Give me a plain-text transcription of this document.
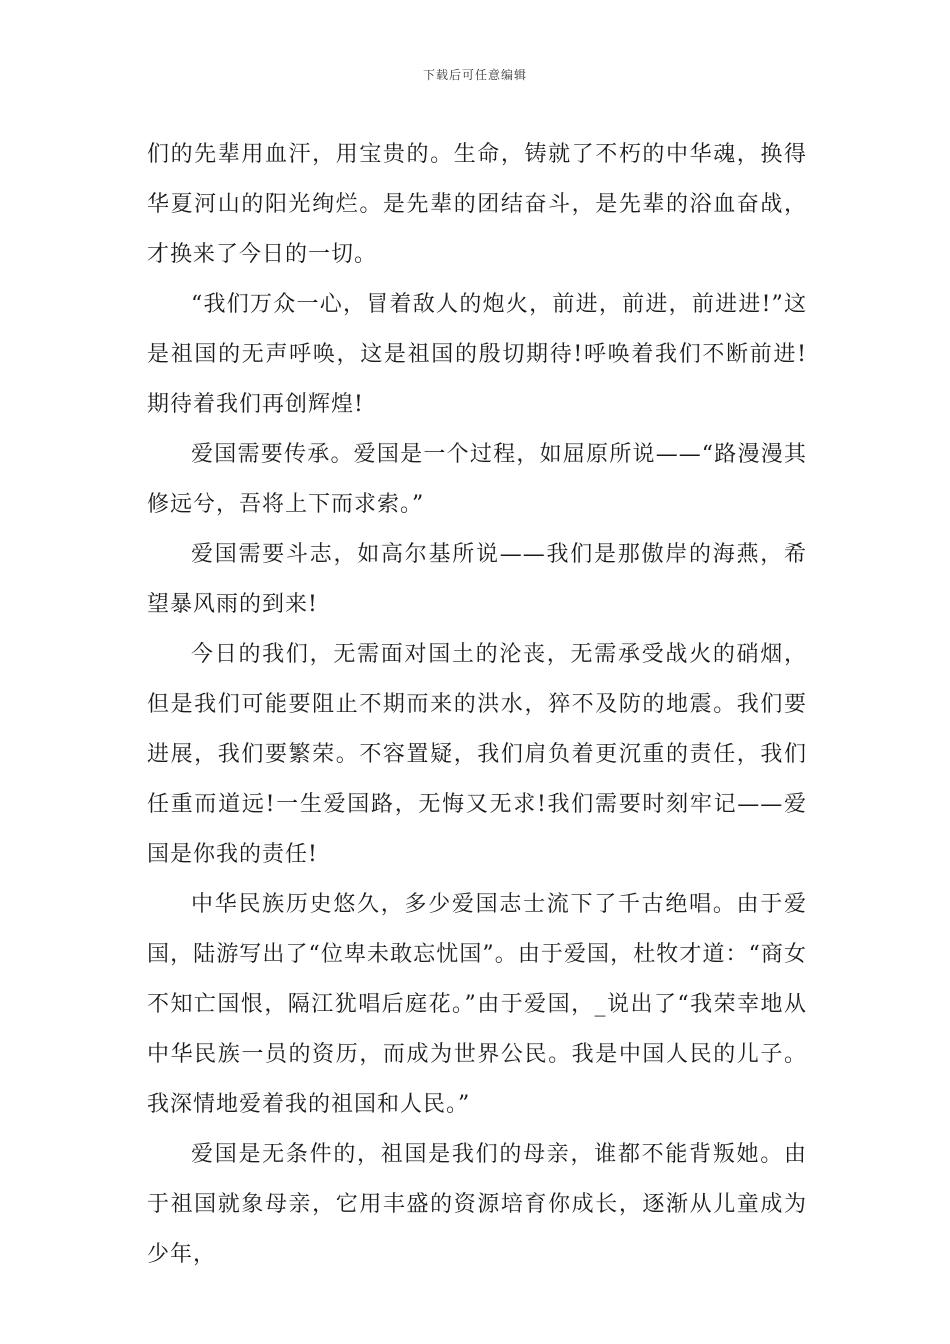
下载后可任意编辑

们的先辈用血汗，用宝贵的。生命，铸就了不朽的中华魂，换得华夏河山的阳光绚烂。是先辈的团结奋斗，是先辈的浴血奋战，才换来了今日的一切。

“我们万众一心，冒着敌人的炮火，前进，前进，前进进!”这是祖国的无声呼唤，这是祖国的殷切期待!呼唤着我们不断前进!期待着我们再创辉煌!

爱国需要传承。爱国是一个过程，如屈原所说——“路漫漫其修远兮，吾将上下而求索。”

爱国需要斗志，如高尔基所说——我们是那傲岸的海燕，希望暴风雨的到来!

今日的我们，无需面对国土的沦丧，无需承受战火的硝烟，但是我们可能要阻止不期而来的洪水，猝不及防的地震。我们要进展，我们要繁荣。不容置疑，我们肩负着更沉重的责任，我们任重而道远!一生爱国路，无悔又无求!我们需要时刻牢记——爱国是你我的责任!

中华民族历史悠久，多少爱国志士流下了千古绝唱。由于爱国，陆游写出了“位卑未敢忘忧国”。由于爱国，杜牧才道：“商女不知亡国恨，隔江犹唱后庭花。”由于爱国，_说出了“我荣幸地从中华民族一员的资历，而成为世界公民。我是中国人民的儿子。我深情地爱着我的祖国和人民。”

爱国是无条件的，祖国是我们的母亲，谁都不能背叛她。由于祖国就象母亲，它用丰盛的资源培育你成长，逐渐从儿童成为少年，
